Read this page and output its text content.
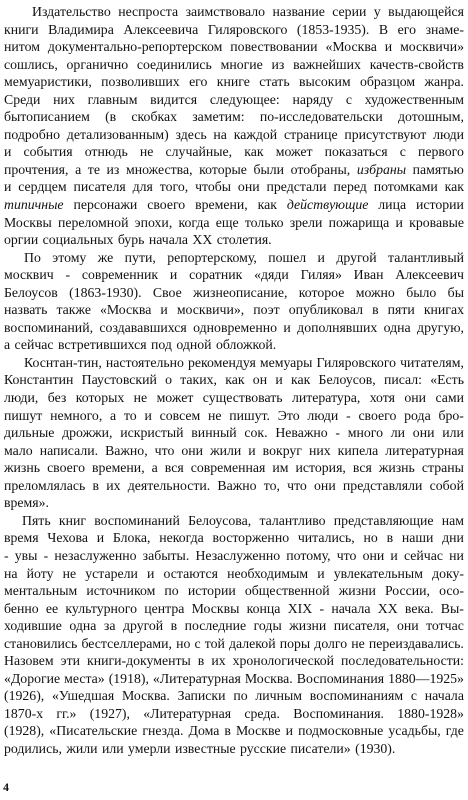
Издательство неспроста заимствовало название серии у выдающейся
книги Владимира Алексеевича Гиляровского (1853-1935). В его знаме-
нитом документально-репортерском повествовании «Москва и москвичи»
сошлись, органично соединились многие из важнейших качеств-свойств
мемуаристики, позволивших его книге стать высоким образцом жанра.
Среди них главным видится следующее: наряду с художественным
бытописанием (в скобках заметим: по-исследовательски дотошным,
подробно детализованным) здесь на каждой странице присутствуют люди
и события отнюдь не случайные, как может показаться с первого
прочтения, а те из множества, которые были отобраны, избраны памятью
и сердцем писателя для того, чтобы они предстали перед потомками как
типичные персонажи своего времени, как действующие лица истории
Москвы переломной эпохи, когда еще только зрели пожарища и кровавые
оргии социальных бурь начала XX столетия.
По этому же пути, репортерскому, пошел и другой талантливый
москвич - современник и соратник «дяди Гиляя» Иван Алексеевич
Белоусов (1863-1930). Свое жизнеописание, которое можно было бы
назвать также «Москва и москвичи», поэт опубликовал в пяти книгах
воспоминаний, создававшихся одновременно и дополнявших одна другую,
а сейчас встретившихся под одной обложкой.
Коснтан-тин, настоятельно рекомендуя мемуары Гиляровского читателям,
Константин Паустовский о таких, как он и как Белоусов, писал: «Есть
люди, без которых не может существовать литература, хотя они сами
пишут немного, а то и совсем не пишут. Это люди - своего рода бро-
дильные дрожжи, искристый винный сок. Неважно - много ли они или
мало написали. Важно, что они жили и вокруг них кипела литературная
жизнь своего времени, а вся современная им история, вся жизнь страны
преломлялась в их деятельности. Важно то, что они представляли собой
время».
Пять книг воспоминаний Белоусова, талантливо представляющие нам
время Чехова и Блока, некогда восторженно читались, но в наши дни
- увы - незаслуженно забыты. Незаслуженно потому, что они и сейчас ни
на йоту не устарели и остаются необходимым и увлекательным доку-
ментальным источником по истории общественной жизни России, осо-
бенно ее культурного центра Москвы конца XIX - начала XX века. Вы-
ходившие одна за другой в последние годы жизни писателя, они тотчас
становились бестселлерами, но с той далекой поры долго не переиздавались.
Назовем эти книги-документы в их хронологической последовательности:
«Дорогие места» (1918), «Литературная Москва. Воспоминания 1880—1925»
(1926), «Ушедшая Москва. Записки по личным воспоминаниям с начала
1870-х гг.» (1927), «Литературная среда. Воспоминания. 1880-1928»
(1928), «Писательские гнезда. Дома в Москве и подмосковные усадьбы, где
родились, жили или умерли известные русские писатели» (1930).
4
